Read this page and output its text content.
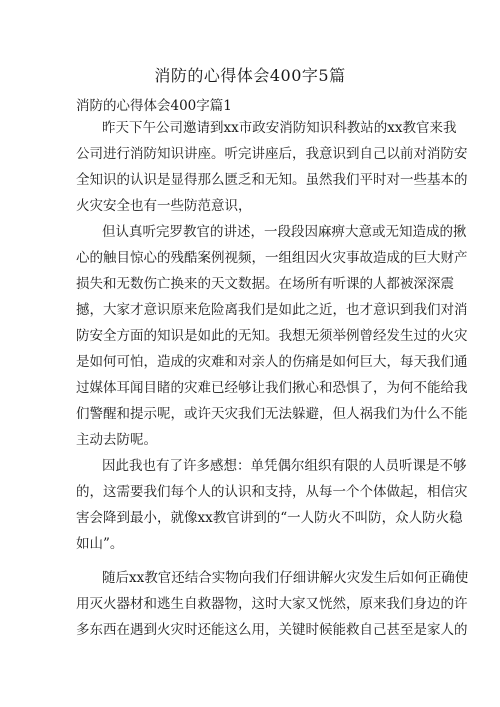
消防的心得体会400字5篇
消防的心得体会400字篇1
昨天下午公司邀请到xx市政安消防知识科教站的xx教官来我
公司进行消防知识讲座。听完讲座后，我意识到自己以前对消防安
全知识的认识是显得那么匮乏和无知。虽然我们平时对一些基本的
火灾安全也有一些防范意识，
但认真听完罗教官的讲述，一段段因麻痹大意或无知造成的揪
心的触目惊心的残酷案例视频，一组组因火灾事故造成的巨大财产
损失和无数伤亡换来的天文数据。在场所有听课的人都被深深震
撼，大家才意识原来危险离我们是如此之近，也才意识到我们对消
防安全方面的知识是如此的无知。我想无须举例曾经发生过的火灾
是如何可怕，造成的灾难和对亲人的伤痛是如何巨大，每天我们通
过媒体耳闻目睹的灾难已经够让我们揪心和恐惧了，为何不能给我
们警醒和提示呢，或许天灾我们无法躲避，但人祸我们为什么不能
主动去防呢。
因此我也有了许多感想：单凭偶尔组织有限的人员听课是不够
的，这需要我们每个人的认识和支持，从每一个个体做起，相信灾
害会降到最小，就像xx教官讲到的“一人防火不叫防，众人防火稳
如山”。
随后xx教官还结合实物向我们仔细讲解火灾发生后如何正确使
用灭火器材和逃生自救器物，这时大家又恍然，原来我们身边的许
多东西在遇到火灾时还能这么用，关键时候能救自己甚至是家人的
